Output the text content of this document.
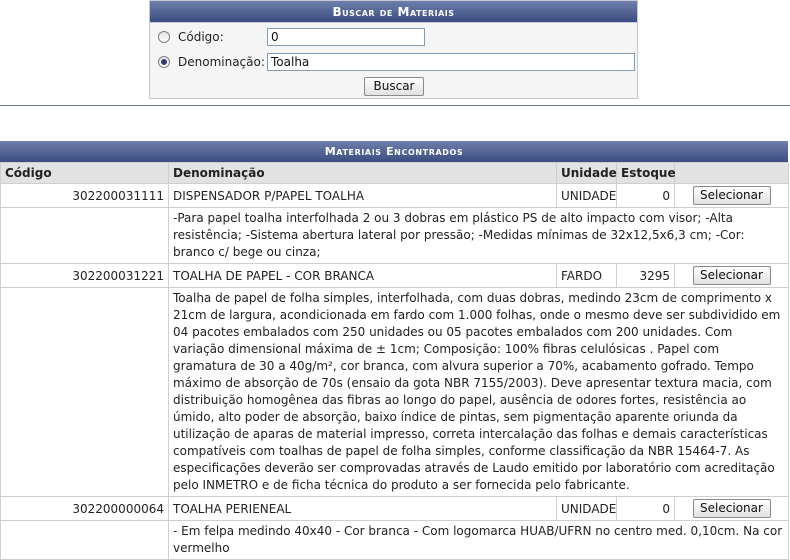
Buscar de Materiais
Código:	0
Denominação: Toalha
Buscar
Materiais Encontrados
Código	Denominação	Unidade	Estoque	
302200031111	DISPENSADOR P/PAPEL TOALHA	UNIDADE	0	Selecionar
	-Para papel toalha interfolhada 2 ou 3 dobras em plástico PS de alto impacto com visor; -Alta resistência; -Sistema abertura lateral por pressão; -Medidas mínimas de 32x12,5x6,3 cm; -Cor: branco c/ bege ou cinza;			
302200031221	TOALHA DE PAPEL - COR BRANCA	FARDO	3295	Selecionar
	Toalha de papel de folha simples, interfolhada, com duas dobras, medindo 23cm de comprimento x 21cm de largura, acondicionada em fardo com 1.000 folhas, onde o mesmo deve ser subdividido em 04 pacotes embalados com 250 unidades ou 05 pacotes embalados com 200 unidades. Com variação dimensional máxima de ± 1cm; Composição: 100% fibras celulósicas . Papel com gramatura de 30 a 40g/m², cor branca, com alvura superior a 70%, acabamento gofrado. Tempo máximo de absorção de 70s (ensaio da gota NBR 7155/2003). Deve apresentar textura macia, com distribuição homogênea das fibras ao longo do papel, ausência de odores fortes, resistência ao úmido, alto poder de absorção, baixo índice de pintas, sem pigmentação aparente oriunda da utilização de aparas de material impresso, correta intercalação das folhas e demais características compatíveis com toalhas de papel de folha simples, conforme classificação da NBR 15464-7. As especificações deverão ser comprovadas através de Laudo emitido por laboratório com acreditação pelo INMETRO e de ficha técnica do produto a ser fornecida pelo fabricante.			
302200000064	TOALHA PERIENEAL	UNIDADE	0	Selecionar
	- Em felpa medindo 40x40 - Cor branca - Com logomarca HUAB/UFRN no centro med. 0,10cm. Na cor vermelho			
